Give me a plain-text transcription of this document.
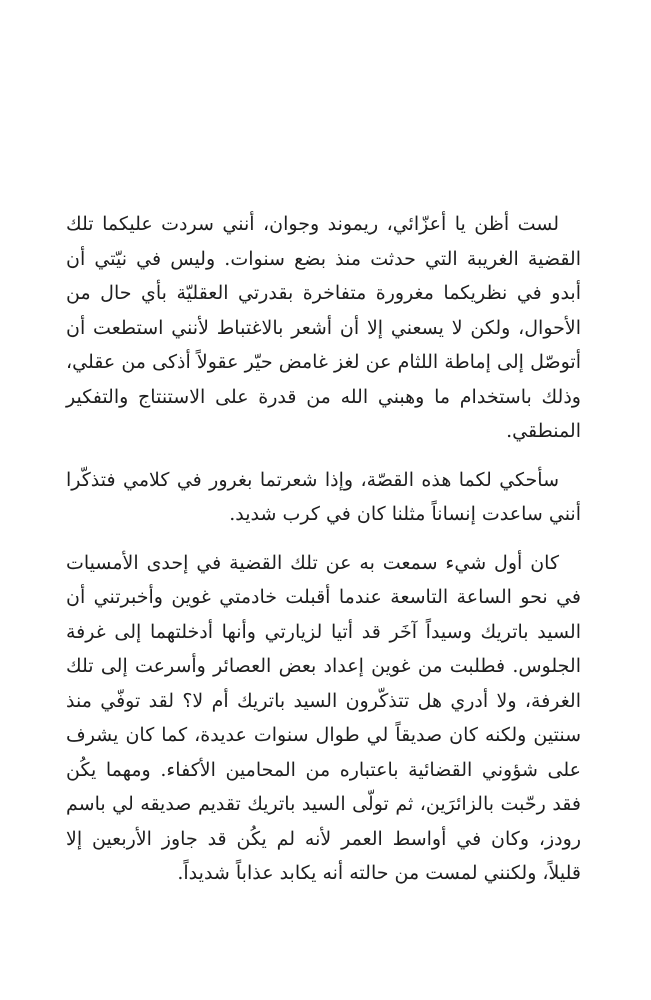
لست أظن يا أعزّائي، ريموند وجوان، أنني سردت عليكما تلك القضية الغريبة التي حدثت منذ بضع سنوات. وليس في نيّتي أن أبدو في نظريكما مغرورة متفاخرة بقدرتي العقليّة بأي حال من الأحوال، ولكن لا يسعني إلا أن أشعر بالاغتباط لأنني استطعت أن أتوصّل إلى إماطة اللثام عن لغز غامض حيّر عقولاً أذكى من عقلي، وذلك باستخدام ما وهبني الله من قدرة على الاستنتاج والتفكير المنطقي.

سأحكي لكما هذه القصّة، وإذا شعرتما بغرور في كلامي فتذكّرا أنني ساعدت إنساناً مثلنا كان في كرب شديد.

كان أول شيء سمعت به عن تلك القضية في إحدى الأمسيات في نحو الساعة التاسعة عندما أقبلت خادمتي غوين وأخبرتني أن السيد باتريك وسيداً آخَر قد أتيا لزيارتي وأنها أدخلتهما إلى غرفة الجلوس. فطلبت من غوين إعداد بعض العصائر وأسرعت إلى تلك الغرفة، ولا أدري هل تتذكّرون السيد باتريك أم لا؟ لقد توفّي منذ سنتين ولكنه كان صديقاً لي طوال سنوات عديدة، كما كان يشرف على شؤوني القضائية باعتباره من المحامين الأكفاء. ومهما يكُن فقد رحّبت بالزائرَين، ثم تولّى السيد باتريك تقديم صديقه لي باسم رودز، وكان في أواسط العمر لأنه لم يكُن قد جاوز الأربعين إلا قليلاً، ولكنني لمست من حالته أنه يكابد عذاباً شديداً.
